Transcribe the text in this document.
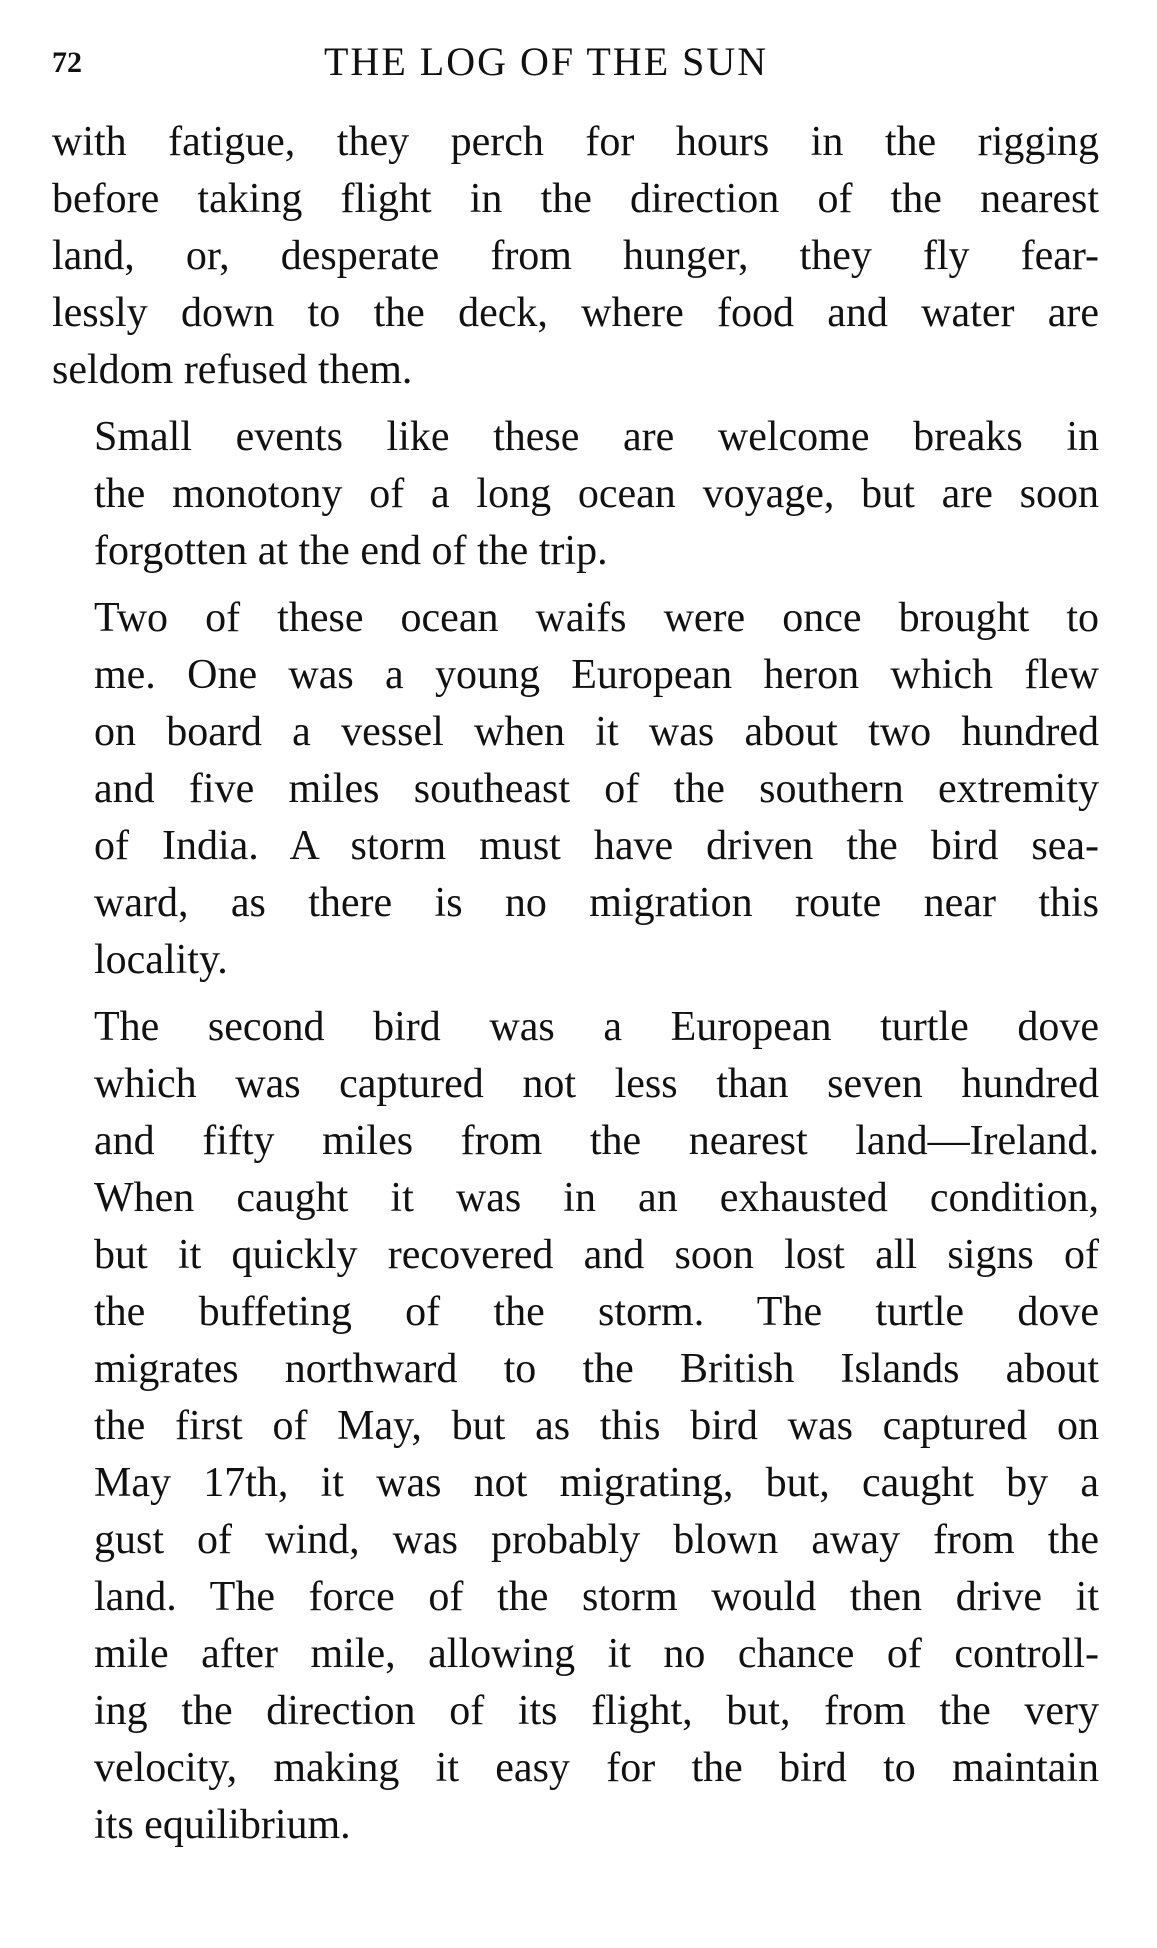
72	THE LOG OF THE SUN

with fatigue, they perch for hours in the rigging
before taking flight in the direction of the nearest
land, or, desperate from hunger, they fly fear-
lessly down to the deck, where food and water are
seldom refused them.

Small events like these are welcome breaks in
the monotony of a long ocean voyage, but are soon
forgotten at the end of the trip.

Two of these ocean waifs were once brought to
me. One was a young European heron which flew
on board a vessel when it was about two hundred
and five miles southeast of the southern extremity
of India. A storm must have driven the bird sea-
ward, as there is no migration route near this
locality.

The second bird was a European turtle dove
which was captured not less than seven hundred
and fifty miles from the nearest land—Ireland.
When caught it was in an exhausted condition,
but it quickly recovered and soon lost all signs of
the buffeting of the storm. The turtle dove
migrates northward to the British Islands about
the first of May, but as this bird was captured on
May 17th, it was not migrating, but, caught by a
gust of wind, was probably blown away from the
land. The force of the storm would then drive it
mile after mile, allowing it no chance of controll-
ing the direction of its flight, but, from the very
velocity, making it easy for the bird to maintain
its equilibrium.
